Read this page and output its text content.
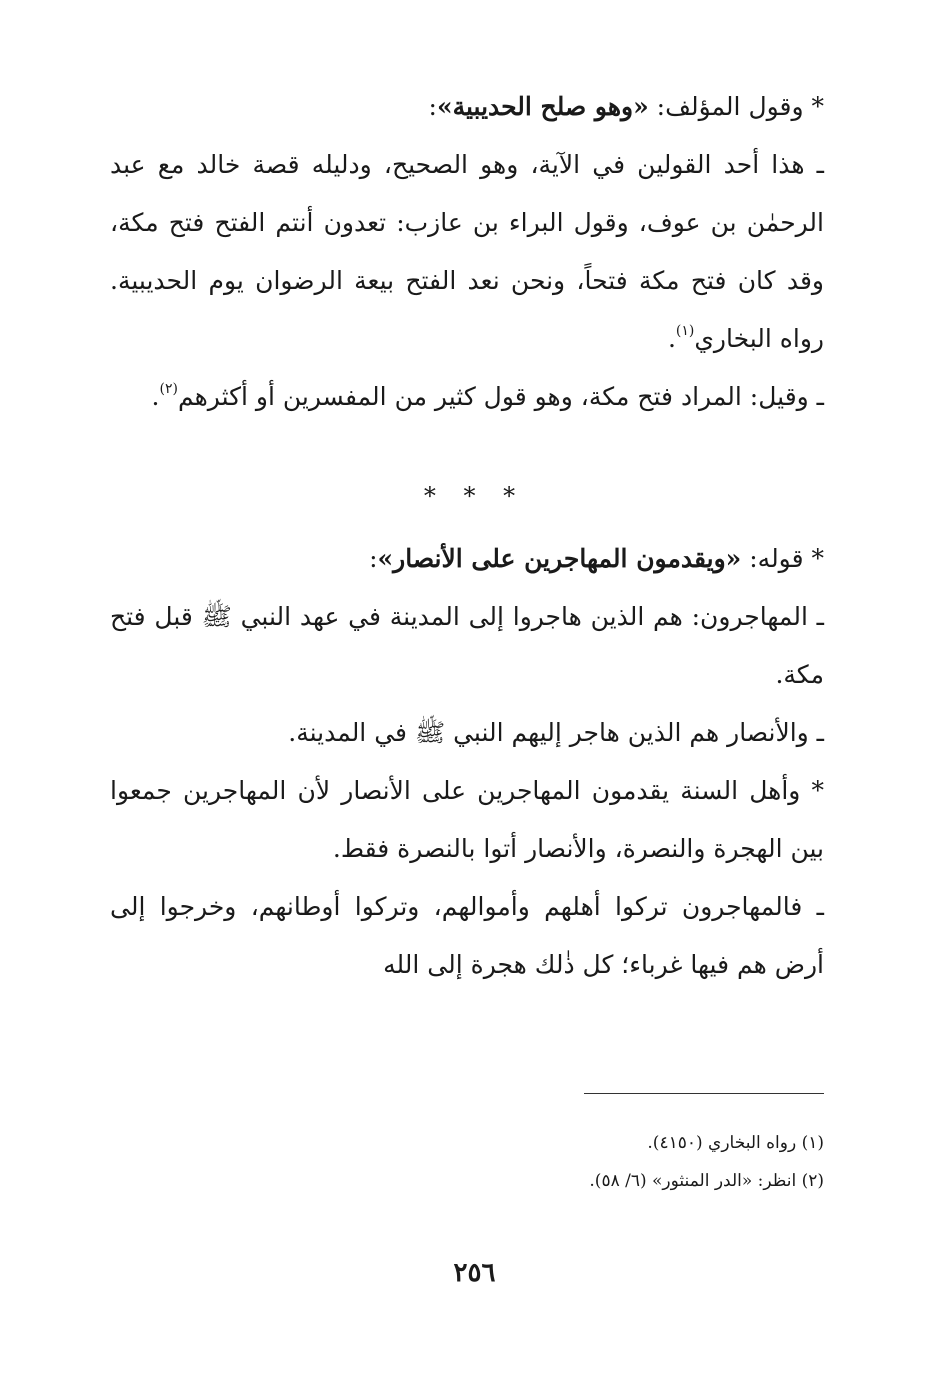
* وقول المؤلف: «وهو صلح الحديبية»:

ـ هذا أحد القولين في الآية، وهو الصحيح، ودليله قصة خالد مع عبد الرحمٰن بن عوف، وقول البراء بن عازب: تعدون أنتم الفتح فتح مكة، وقد كان فتح مكة فتحاً، ونحن نعد الفتح بيعة الرضوان يوم الحديبية. رواه البخاري$^{(١)}$.

ـ وقيل: المراد فتح مكة، وهو قول كثير من المفسرين أو أكثرهم$^{(٢)}$.

* * *

* قوله: «ويقدمون المهاجرين على الأنصار»:

ـ المهاجرون: هم الذين هاجروا إلى المدينة في عهد النبي ﷺ قبل فتح مكة.

ـ والأنصار هم الذين هاجر إليهم النبي ﷺ في المدينة.

* وأهل السنة يقدمون المهاجرين على الأنصار لأن المهاجرين جمعوا بين الهجرة والنصرة، والأنصار أتوا بالنصرة فقط.

ـ فالمهاجرون تركوا أهلهم وأموالهم، وتركوا أوطانهم، وخرجوا إلى أرض هم فيها غرباء؛ كل ذٰلك هجرة إلى الله

(١) رواه البخاري (٤١٥٠).

(٢) انظر: «الدر المنثور» (٦/ ٥٨).

٢٥٦
